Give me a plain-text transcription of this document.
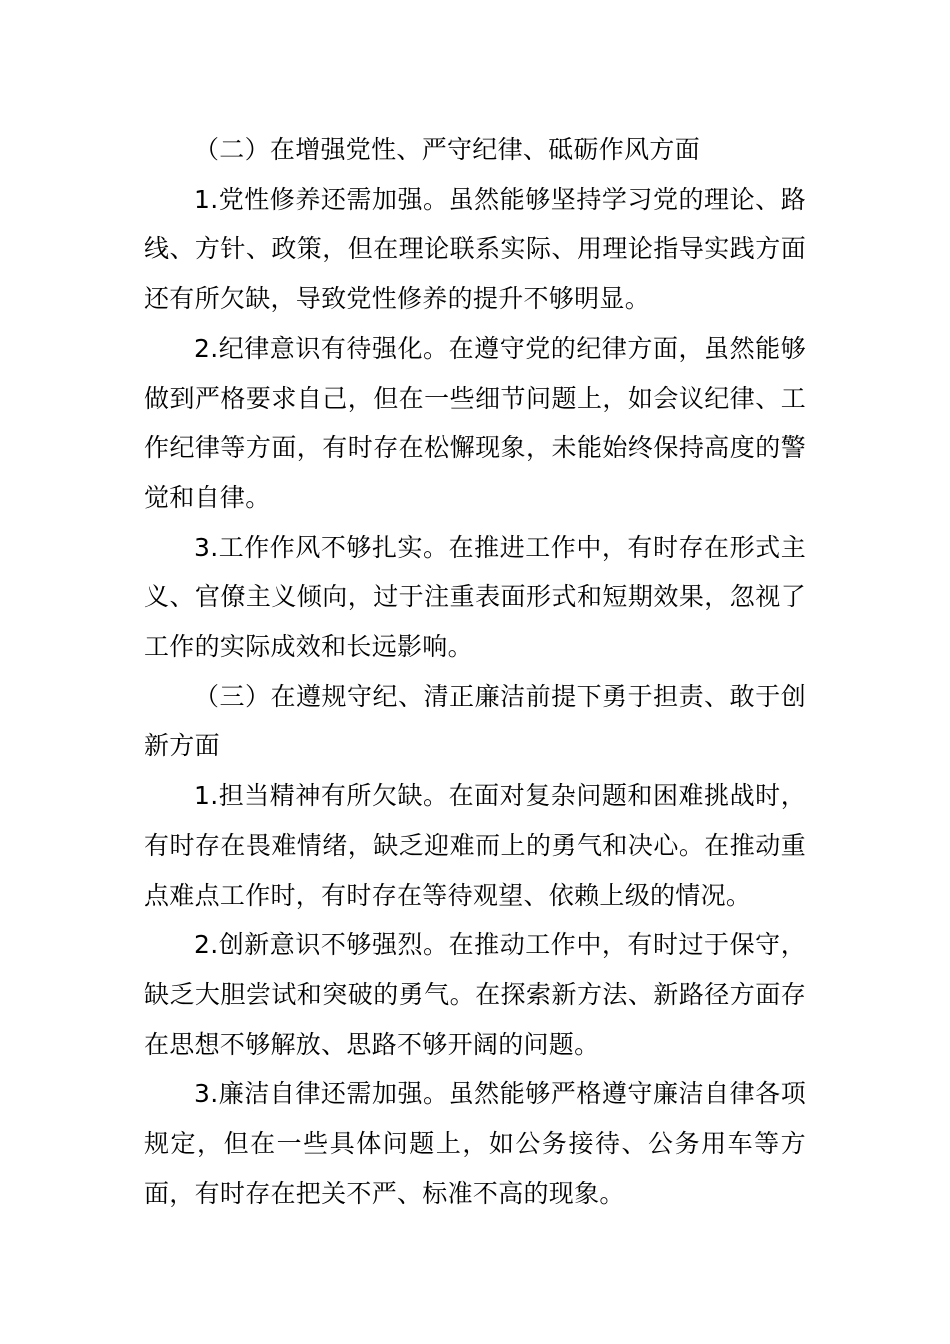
（二）在增强党性、严守纪律、砥砺作风方面

1.党性修养还需加强。虽然能够坚持学习党的理论、路线、方针、政策，但在理论联系实际、用理论指导实践方面还有所欠缺，导致党性修养的提升不够明显。

2.纪律意识有待强化。在遵守党的纪律方面，虽然能够做到严格要求自己，但在一些细节问题上，如会议纪律、工作纪律等方面，有时存在松懈现象，未能始终保持高度的警觉和自律。

3.工作作风不够扎实。在推进工作中，有时存在形式主义、官僚主义倾向，过于注重表面形式和短期效果，忽视了工作的实际成效和长远影响。

（三）在遵规守纪、清正廉洁前提下勇于担责、敢于创新方面

1.担当精神有所欠缺。在面对复杂问题和困难挑战时，有时存在畏难情绪，缺乏迎难而上的勇气和决心。在推动重点难点工作时，有时存在等待观望、依赖上级的情况。

2.创新意识不够强烈。在推动工作中，有时过于保守，缺乏大胆尝试和突破的勇气。在探索新方法、新路径方面存在思想不够解放、思路不够开阔的问题。

3.廉洁自律还需加强。虽然能够严格遵守廉洁自律各项规定，但在一些具体问题上，如公务接待、公务用车等方面，有时存在把关不严、标准不高的现象。
